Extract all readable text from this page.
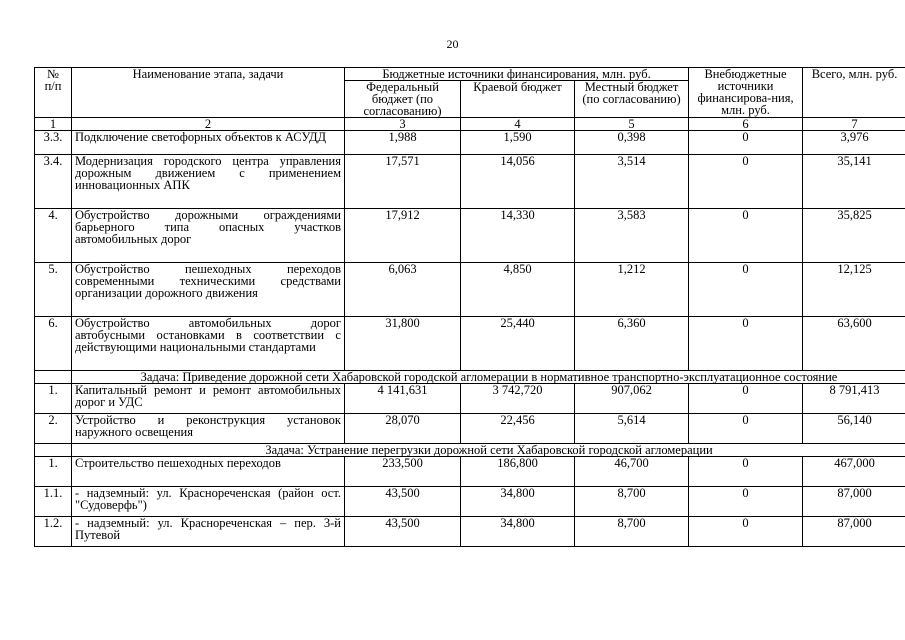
20
№
п/п	Наименование этапа, задачи	Бюджетные источники финансирования, млн. руб.			Внебюджетные источники финансирова-ния, млн. руб.	Всего, млн. руб.
		Федеральный бюджет (по согласованию)	Краевой бюджет	Местный бюджет (по согласованию)		
1	2	3	4	5	6	7
3.3.	Подключение светофорных объектов к АСУДД	1,988	1,590	0,398	0	3,976
3.4.	Модернизация городского центра управления дорожным движением с применением инновационных АПК	17,571	14,056	3,514	0	35,141
4.	Обустройство дорожными ограждениями барьерного типа опасных участков автомобильных дорог	17,912	14,330	3,583	0	35,825
5.	Обустройство пешеходных переходов современными техническими средствами организации дорожного движения	6,063	4,850	1,212	0	12,125
6.	Обустройство автомобильных дорог автобусными остановками в соответствии с действующими национальными стандартами	31,800	25,440	6,360	0	63,600
	Задача: Приведение дорожной сети Хабаровской городской агломерации в нормативное транспортно-эксплуатационное состояние					
1.	Капитальный ремонт и ремонт автомобильных дорог и УДС	4 141,631	3 742,720	907,062	0	8 791,413
2.	Устройство и реконструкция установок наружного освещения	28,070	22,456	5,614	0	56,140
	Задача: Устранение перегрузки дорожной сети Хабаровской городской агломерации					
1.	Строительство пешеходных переходов	233,500	186,800	46,700	0	467,000
1.1.	- надземный: ул. Краснореченская (район ост. "Судоверфь")	43,500	34,800	8,700	0	87,000
1.2.	- надземный: ул. Краснореченская – пер. 3-й Путевой	43,500	34,800	8,700	0	87,000
